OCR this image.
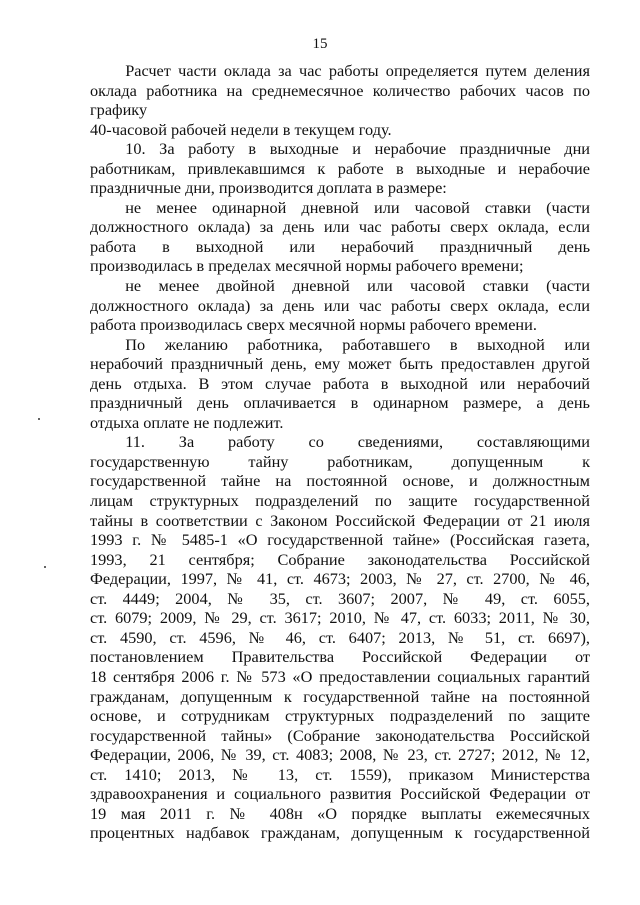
15
Расчет части оклада за час работы определяется путем деления
оклада работника на среднемесячное количество рабочих часов по
графику
40-часовой рабочей недели в текущем году.
10. За работу в выходные и нерабочие праздничные дни
работникам, привлекавшимся к работе в выходные и нерабочие
праздничные дни, производится доплата в размере:
не менее одинарной дневной или часовой ставки (части
должностного оклада) за день или час работы сверх оклада, если
работа в выходной или нерабочий праздничный день
производилась в пределах месячной нормы рабочего времени;
не менее двойной дневной или часовой ставки (части
должностного оклада) за день или час работы сверх оклада, если
работа производилась сверх месячной нормы рабочего времени.
По желанию работника, работавшего в выходной или
нерабочий праздничный день, ему может быть предоставлен другой
день отдыха. В этом случае работа в выходной или нерабочий
праздничный день оплачивается в одинарном размере, а день
отдыха оплате не подлежит.
11. За работу со сведениями, составляющими
государственную тайну работникам, допущенным к
государственной тайне на постоянной основе, и должностным
лицам структурных подразделений по защите государственной
тайны в соответствии с Законом Российской Федерации от 21 июля
1993 г. № 5485-1 «О государственной тайне» (Российская газета,
1993, 21 сентября; Собрание законодательства Российской
Федерации, 1997, № 41, ст. 4673; 2003, № 27, ст. 2700, № 46,
ст. 4449; 2004, № 35, ст. 3607; 2007, № 49, ст. 6055,
ст. 6079; 2009, № 29, ст. 3617; 2010, № 47, ст. 6033; 2011, № 30,
ст. 4590, ст. 4596, № 46, ст. 6407; 2013, № 51, ст. 6697),
постановлением Правительства Российской Федерации от
18 сентября 2006 г. № 573 «О предоставлении социальных гарантий
гражданам, допущенным к государственной тайне на постоянной
основе, и сотрудникам структурных подразделений по защите
государственной тайны» (Собрание законодательства Российской
Федерации, 2006, № 39, ст. 4083; 2008, № 23, ст. 2727; 2012, № 12,
ст. 1410; 2013, № 13, ст. 1559), приказом Министерства
здравоохранения и социального развития Российской Федерации от
19 мая 2011 г. № 408н «О порядке выплаты ежемесячных
процентных надбавок гражданам, допущенным к государственной
